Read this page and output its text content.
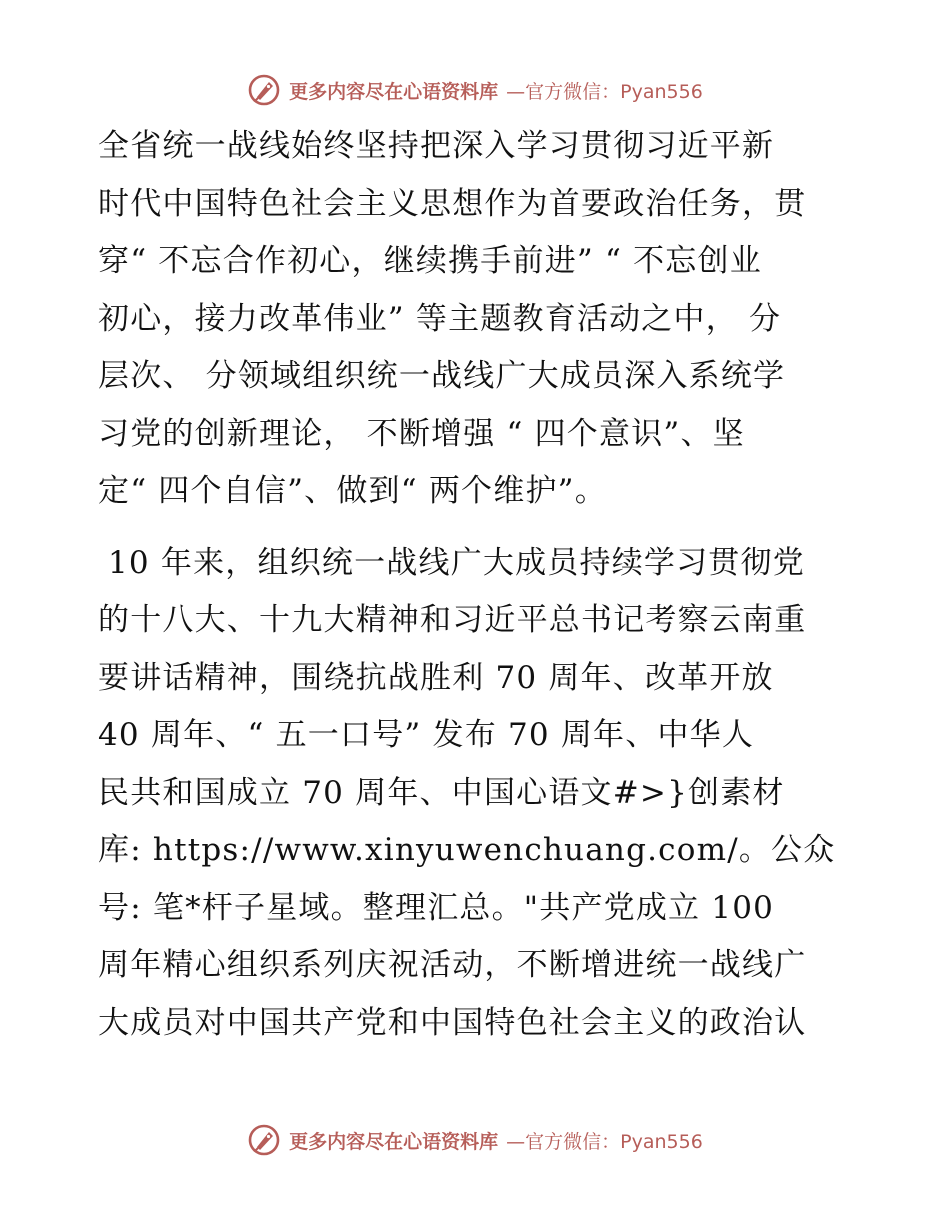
更多内容尽在心语资料库 —官方微信：Pyan556
全省统一战线始终坚持把深入学习贯彻习近平新
时代中国特色社会主义思想作为首要政治任务，贯
穿“ 不忘合作初心，继续携手前进” “ 不忘创业
初心，接力改革伟业” 等主题教育活动之中， 分
层次、 分领域组织统一战线广大成员深入系统学
习党的创新理论， 不断增强 “ 四个意识”、坚
定“ 四个自信”、做到“ 两个维护”。
10 年来，组织统一战线广大成员持续学习贯彻党
的十八大、十九大精神和习近平总书记考察云南重
要讲话精神，围绕抗战胜利 70 周年、改革开放
40 周年、“ 五一口号” 发布 70 周年、中华人
民共和国成立 70 周年、中国心语文#>}创素材
库: https://www.xinyuwenchuang.com/。公众
号: 笔*杆子星域。整理汇总。"共产党成立 100
周年精心组织系列庆祝活动，不断增进统一战线广
大成员对中国共产党和中国特色社会主义的政治认
更多内容尽在心语资料库 —官方微信：Pyan556
